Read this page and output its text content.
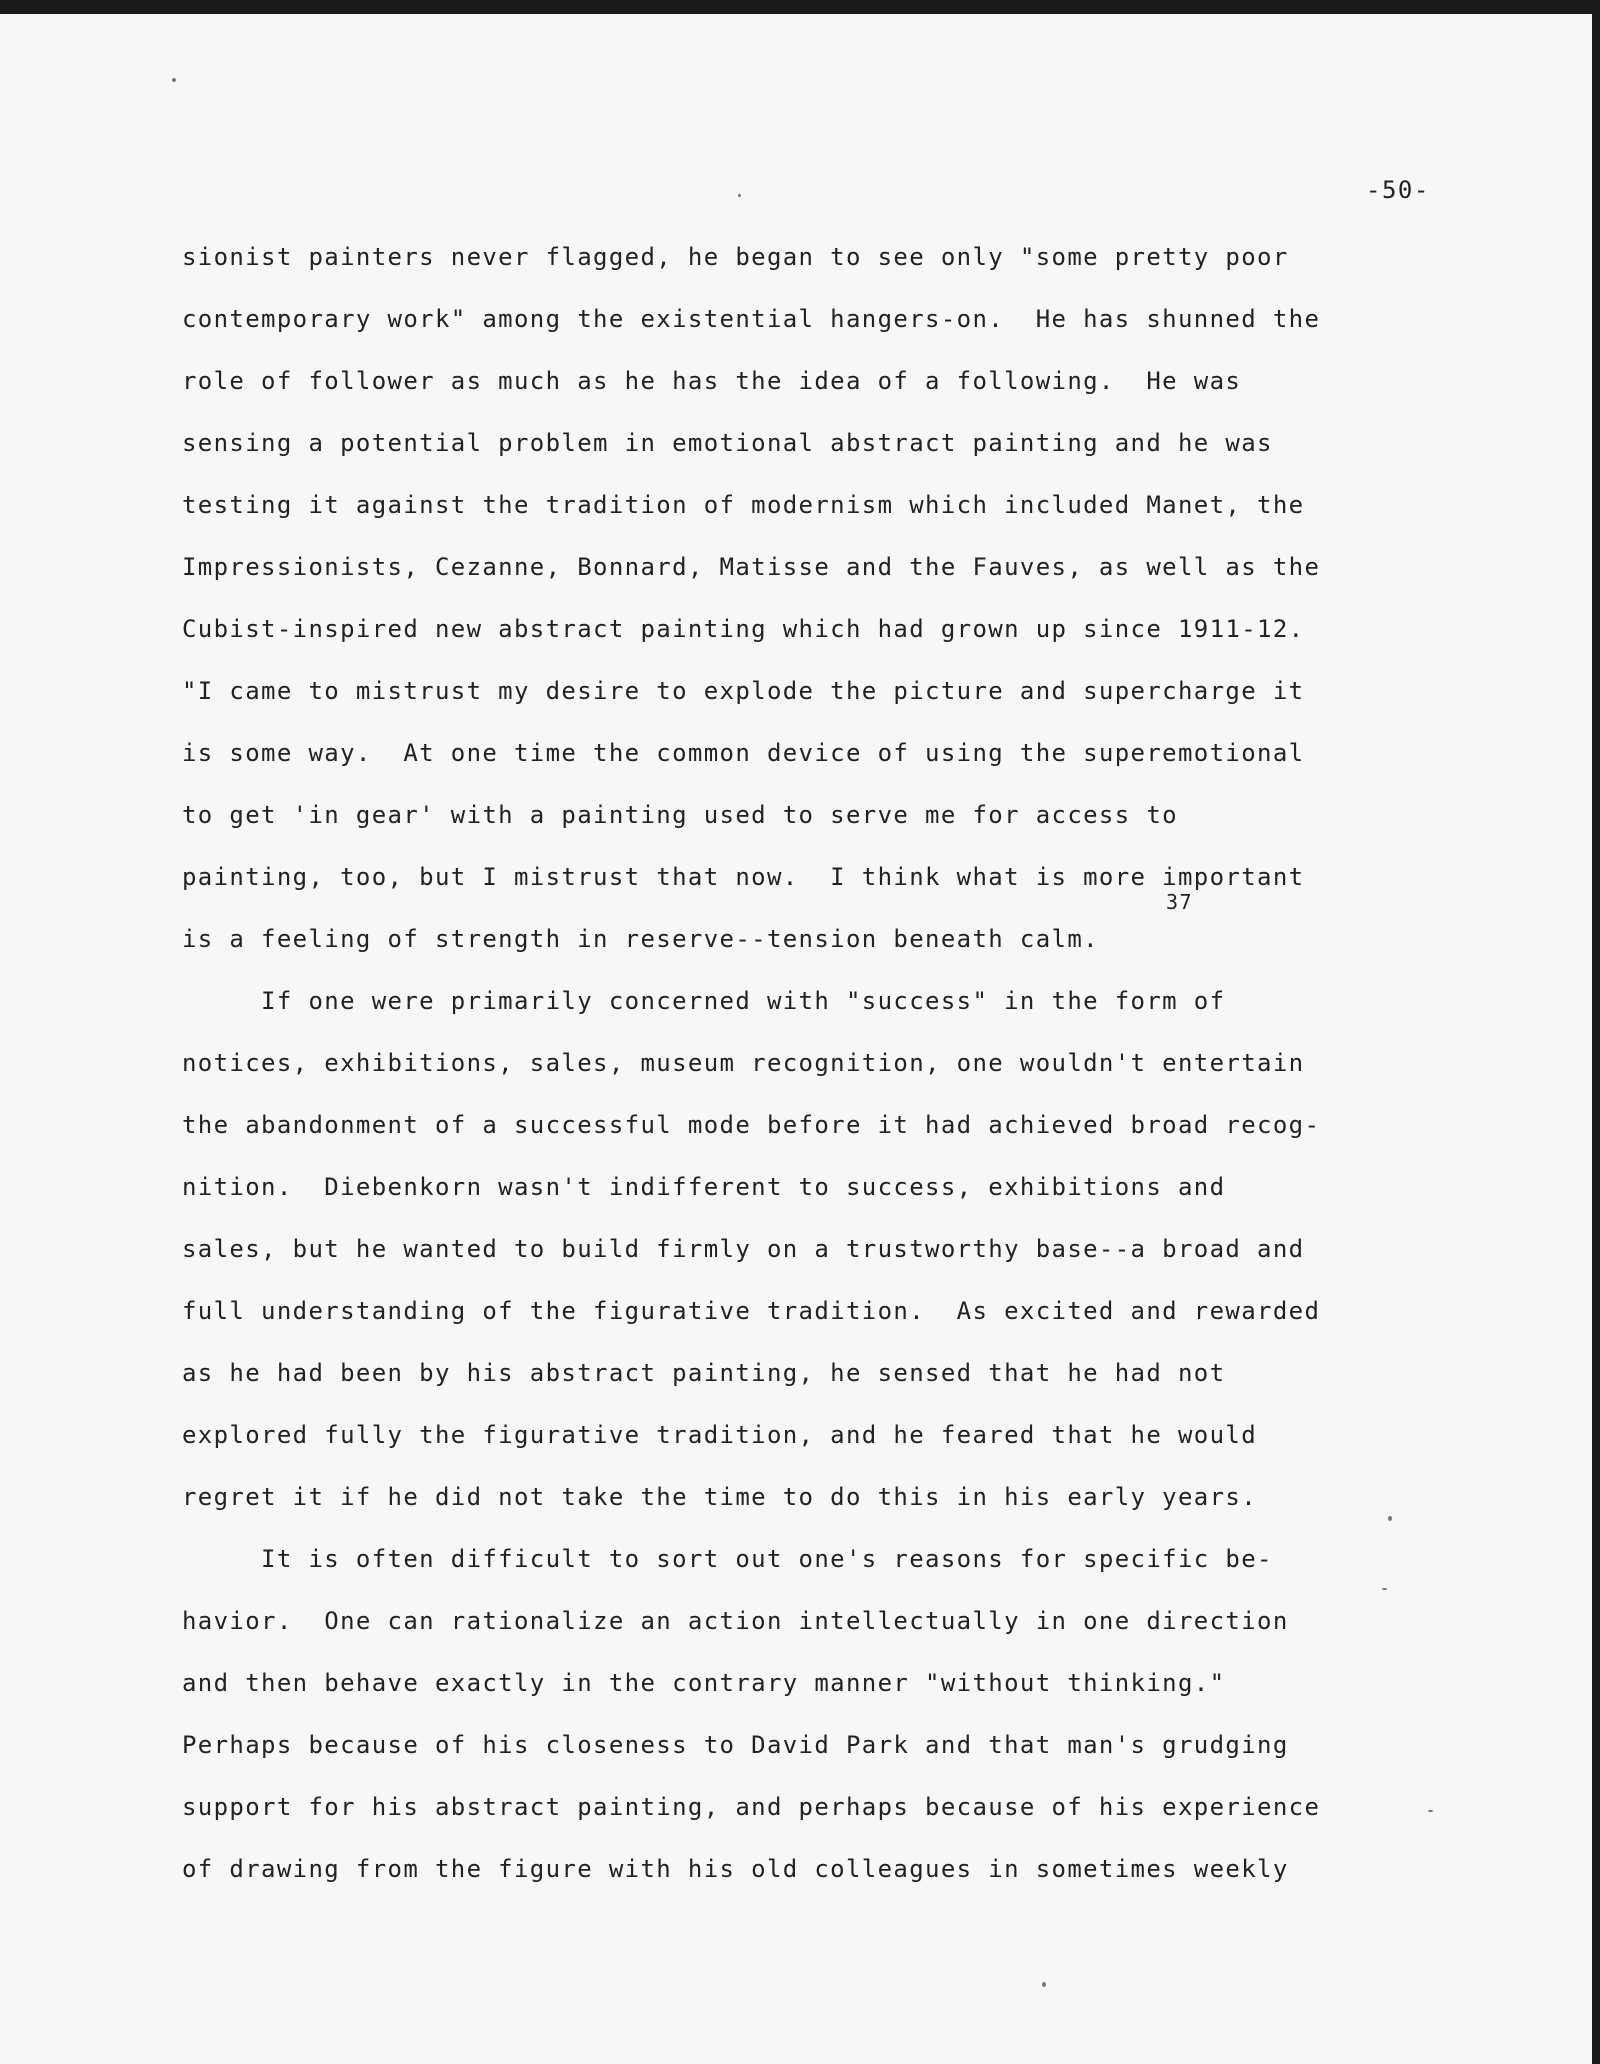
-50-
37
sionist painters never flagged, he began to see only "some pretty poor
contemporary work" among the existential hangers-on.  He has shunned the
role of follower as much as he has the idea of a following.  He was
sensing a potential problem in emotional abstract painting and he was
testing it against the tradition of modernism which included Manet, the
Impressionists, Cezanne, Bonnard, Matisse and the Fauves, as well as the
Cubist-inspired new abstract painting which had grown up since 1911-12.
"I came to mistrust my desire to explode the picture and supercharge it
is some way.  At one time the common device of using the superemotional
to get 'in gear' with a painting used to serve me for access to
painting, too, but I mistrust that now.  I think what is more important
is a feeling of strength in reserve--tension beneath calm.
If one were primarily concerned with "success" in the form of
notices, exhibitions, sales, museum recognition, one wouldn't entertain
the abandonment of a successful mode before it had achieved broad recog-
nition.  Diebenkorn wasn't indifferent to success, exhibitions and
sales, but he wanted to build firmly on a trustworthy base--a broad and
full understanding of the figurative tradition.  As excited and rewarded
as he had been by his abstract painting, he sensed that he had not
explored fully the figurative tradition, and he feared that he would
regret it if he did not take the time to do this in his early years.
It is often difficult to sort out one's reasons for specific be-
havior.  One can rationalize an action intellectually in one direction
and then behave exactly in the contrary manner "without thinking."
Perhaps because of his closeness to David Park and that man's grudging
support for his abstract painting, and perhaps because of his experience
of drawing from the figure with his old colleagues in sometimes weekly
